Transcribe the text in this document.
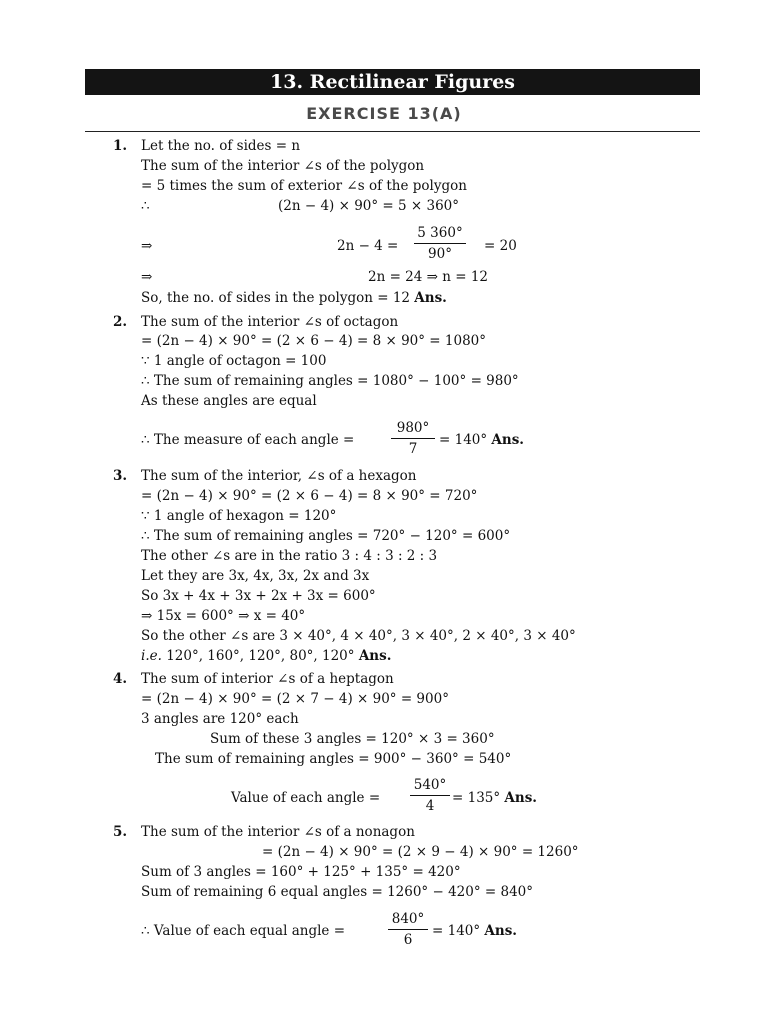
13. Rectilinear Figures
EXERCISE 13(A)
1. Let the no. of sides = n
The sum of the interior ∠s of the polygon
= 5 times the sum of exterior ∠s of the polygon
∴	(2n − 4) × 90° = 5 × 360°
⇒	2n − 4 =
5 360°
90°	= 20
⇒	2n = 24 ⇒ n = 12
So, the no. of sides in the polygon = 12 Ans.
2. The sum of the interior ∠s of octagon
= (2n − 4) × 90° = (2 × 6 − 4) = 8 × 90° = 1080°
∵ 1 angle of octagon = 100
∴ The sum of remaining angles = 1080° − 100° = 980°
As these angles are equal
∴ The measure of each angle =
980°
7
= 140° Ans.
3. The sum of the interior, ∠s of a hexagon
= (2n − 4) × 90° = (2 × 6 − 4) = 8 × 90° = 720°
∵ 1 angle of hexagon = 120°
∴ The sum of remaining angles = 720° − 120° = 600°
The other ∠s are in the ratio 3 : 4 : 3 : 2 : 3
Let they are 3x, 4x, 3x, 2x and 3x
So 3x + 4x + 3x + 2x + 3x = 600°
⇒ 15x = 600° ⇒ x = 40°
So the other ∠s are 3 × 40°, 4 × 40°, 3 × 40°, 2 × 40°, 3 × 40°
i.e. 120°, 160°, 120°, 80°, 120° Ans.
4. The sum of interior ∠s of a heptagon
= (2n − 4) × 90° = (2 × 7 − 4) × 90° = 900°
3 angles are 120° each
Sum of these 3 angles = 120° × 3 = 360°
The sum of remaining angles = 900° − 360° = 540°
Value of each angle =
540°
4	= 135° Ans.
5. The sum of the interior ∠s of a nonagon
= (2n − 4) × 90° = (2 × 9 − 4) × 90° = 1260°
Sum of 3 angles = 160° + 125° + 135° = 420°
Sum of remaining 6 equal angles = 1260° − 420° = 840°
∴ Value of each equal angle =
840°
6
= 140° Ans.
